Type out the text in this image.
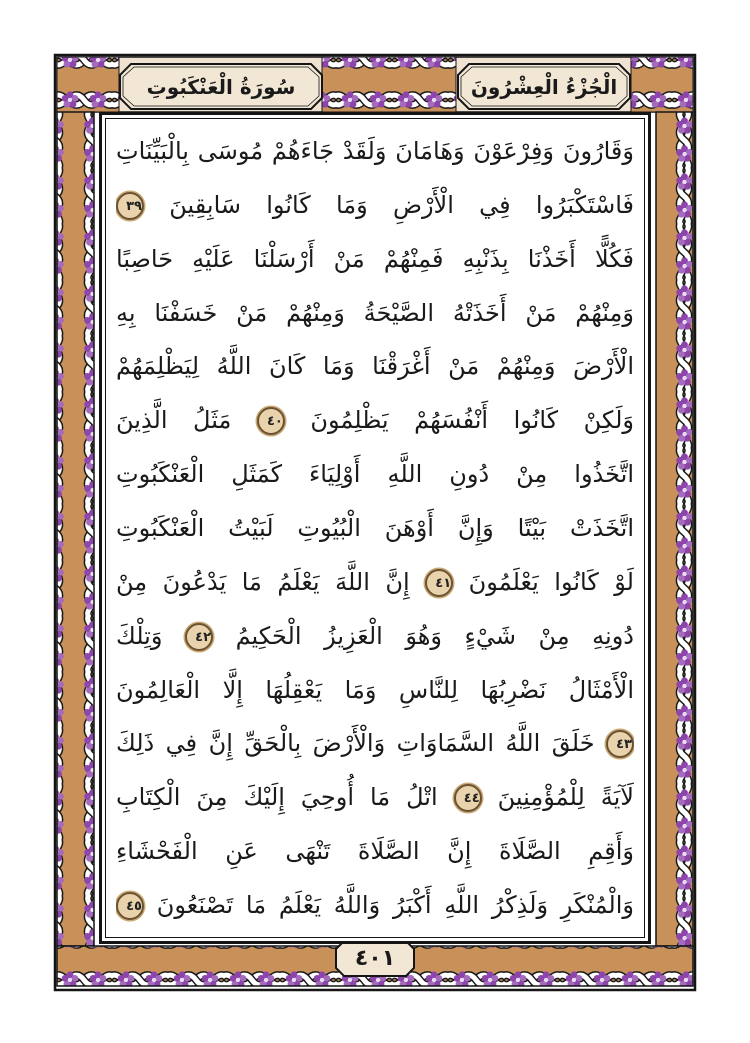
الْجُزْءُ الْعِشْرُونَ
سُورَةُ الْعَنْكَبُوتِ
وَقَارُونَ وَفِرْعَوْنَ وَهَامَانَ وَلَقَدْ جَاءَهُمْ مُوسَى بِالْبَيِّنَاتِ
فَاسْتَكْبَرُوا فِي الْأَرْضِ وَمَا كَانُوا سَابِقِينَ ٣٩
فَكُلًّا أَخَذْنَا بِذَنْبِهِ فَمِنْهُمْ مَنْ أَرْسَلْنَا عَلَيْهِ حَاصِبًا
وَمِنْهُمْ مَنْ أَخَذَتْهُ الصَّيْحَةُ وَمِنْهُمْ مَنْ خَسَفْنَا بِهِ
الْأَرْضَ وَمِنْهُمْ مَنْ أَغْرَقْنَا وَمَا كَانَ اللَّهُ لِيَظْلِمَهُمْ
وَلَكِنْ كَانُوا أَنْفُسَهُمْ يَظْلِمُونَ ٤٠ مَثَلُ الَّذِينَ
اتَّخَذُوا مِنْ دُونِ اللَّهِ أَوْلِيَاءَ كَمَثَلِ الْعَنْكَبُوتِ
اتَّخَذَتْ بَيْتًا وَإِنَّ أَوْهَنَ الْبُيُوتِ لَبَيْتُ الْعَنْكَبُوتِ
لَوْ كَانُوا يَعْلَمُونَ ٤١ إِنَّ اللَّهَ يَعْلَمُ مَا يَدْعُونَ مِنْ
دُونِهِ مِنْ شَيْءٍ وَهُوَ الْعَزِيزُ الْحَكِيمُ ٤٢ وَتِلْكَ
الْأَمْثَالُ نَضْرِبُهَا لِلنَّاسِ وَمَا يَعْقِلُهَا إِلَّا الْعَالِمُونَ
٤٣ خَلَقَ اللَّهُ السَّمَاوَاتِ وَالْأَرْضَ بِالْحَقِّ إِنَّ فِي ذَلِكَ
لَآيَةً لِلْمُؤْمِنِينَ ٤٤ اتْلُ مَا أُوحِيَ إِلَيْكَ مِنَ الْكِتَابِ
وَأَقِمِ الصَّلَاةَ إِنَّ الصَّلَاةَ تَنْهَى عَنِ الْفَحْشَاءِ
وَالْمُنْكَرِ وَلَذِكْرُ اللَّهِ أَكْبَرُ وَاللَّهُ يَعْلَمُ مَا تَصْنَعُونَ ٤٥
٤٠١
